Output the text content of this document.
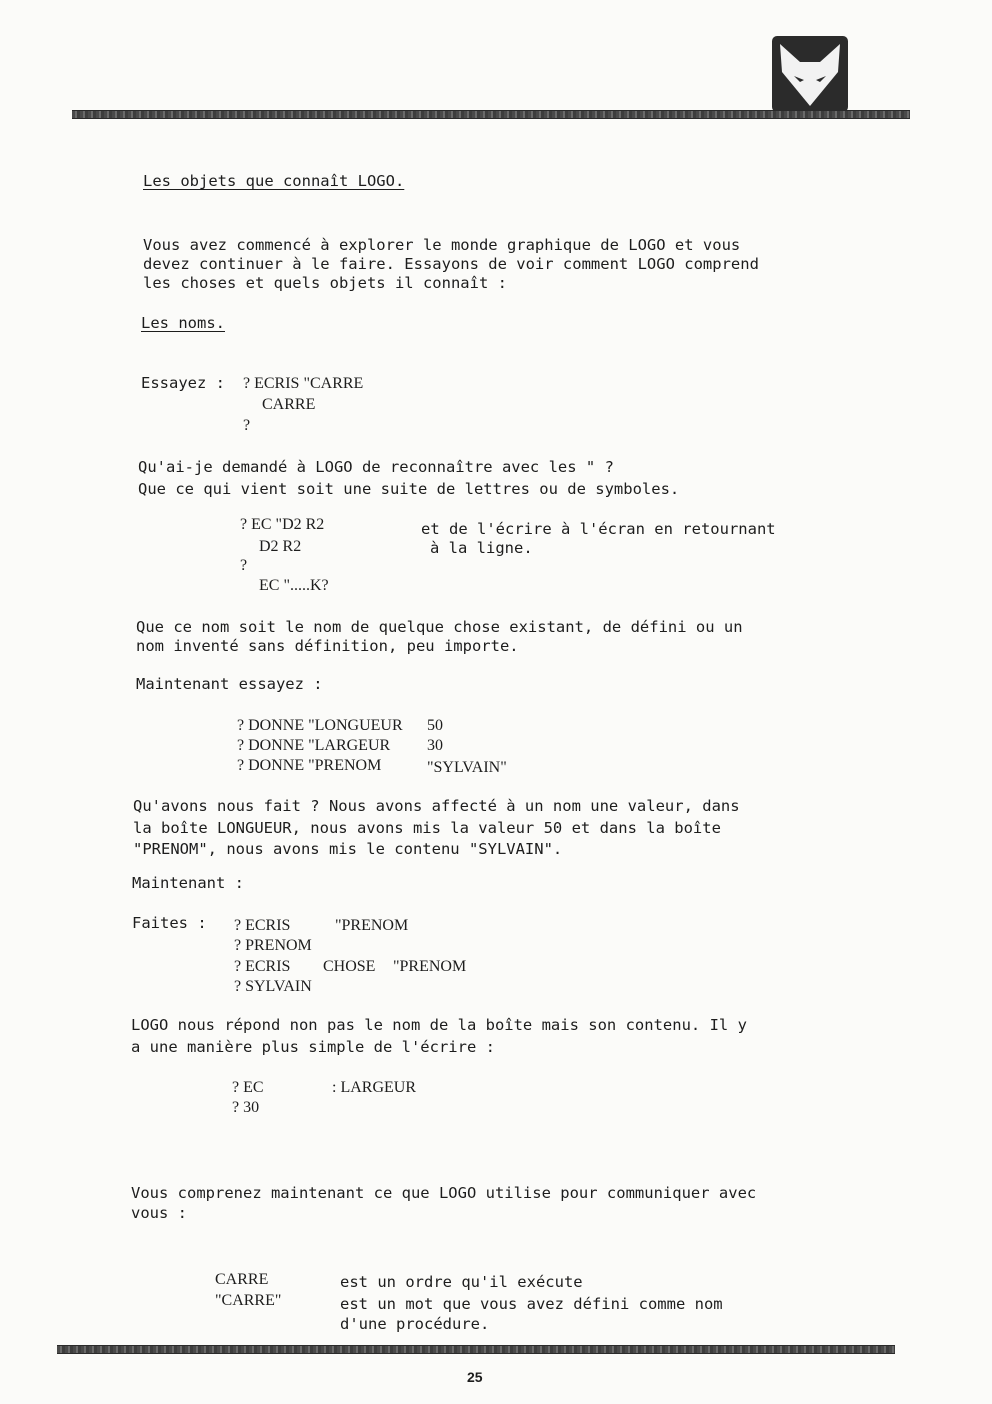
Les objets que connaît LOGO.
Vous avez commencé à explorer le monde graphique de LOGO et vous
devez continuer à le faire. Essayons de voir comment LOGO comprend
les choses et quels objets il connaît :
Les noms.
Essayez : ? ECRIS "CARRE
CARRE
?
Qu'ai-je demandé à LOGO de reconnaître avec les " ?
Que ce qui vient soit une suite de lettres ou de symboles.
? EC "D2 R2
D2 R2
?
EC ".....K?
et de l'écrire à l'écran en retournant
à la ligne.
Que ce nom soit le nom de quelque chose existant, de défini ou un
nom inventé sans définition, peu importe.
Maintenant essayez :
? DONNE "LONGUEUR 50
? DONNE "LARGEUR 30
? DONNE "PRENOM	"SYLVAIN"
Qu'avons nous fait ? Nous avons affecté à un nom une valeur, dans
la boîte LONGUEUR, nous avons mis la valeur 50 et dans la boîte
"PRENOM", nous avons mis le contenu "SYLVAIN".
Maintenant :
Faites : ? ECRIS	"PRENOM
? PRENOM
? ECRIS CHOSE "PRENOM
? SYLVAIN
LOGO nous répond non pas le nom de la boîte mais son contenu. Il y
a une manière plus simple de l'écrire :
? EC	: LARGEUR
? 30
Vous comprenez maintenant ce que LOGO utilise pour communiquer avec
vous :
CARRE	est un ordre qu'il exécute
"CARRE"	est un mot que vous avez défini comme nom
d'une procédure.
25
